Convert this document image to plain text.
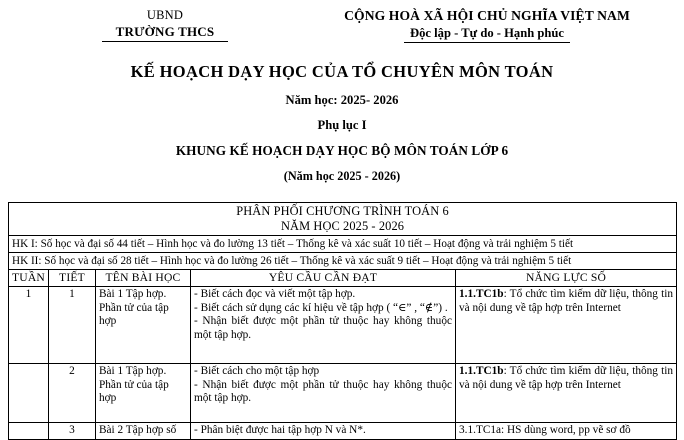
UBND
TRƯỜNG THCS
CỘNG HOÀ XÃ HỘI CHỦ NGHĨA VIỆT NAM
Độc lập - Tự do - Hạnh phúc
KẾ HOẠCH DẠY HỌC CỦA TỔ CHUYÊN MÔN TOÁN
Năm học: 2025- 2026
Phụ lục I
KHUNG KẾ HOẠCH DẠY HỌC BỘ MÔN TOÁN LỚP 6
(Năm học 2025 - 2026)
PHÂN PHỐI CHƯƠNG TRÌNH TOÁN 6
NĂM HỌC 2025 - 2026				

HK I: Số học và đại số 44 tiết – Hình học và đo lường 13 tiết – Thống kê và xác suất 10 tiết – Hoạt động và trải nghiệm 5 tiết				
HK II: Số học và đại số 28 tiết – Hình học và đo lường 26 tiết – Thống kê và xác suất 9 tiết – Hoạt động và trải nghiệm 5 tiết				
TUẦN	TIẾT	TÊN BÀI HỌC	YÊU CẦU CẦN ĐẠT	NĂNG LỰC SỐ
1	1	Bài 1 Tập hợp. Phần tử của tập hợp	- Biết cách đọc và viết một tập hợp.
- Biết cách sử dụng các kí hiệu về tập hợp ( “∈” , “∉”) .
- Nhận biết được một phần tử thuộc hay không thuộc một tập hợp.	1.1.TC1b: Tổ chức tìm kiếm dữ liệu, thông tin và nội dung về tập hợp trên Internet
	2	Bài 1 Tập hợp. Phần tử của tập hợp	- Biết cách cho một tập hợp
- Nhận biết được một phần tử thuộc hay không thuộc một tập hợp.	1.1.TC1b: Tổ chức tìm kiếm dữ liệu, thông tin và nội dung về tập hợp trên Internet
	3	Bài 2 Tập hợp số	- Phân biệt được hai tập hợp N và N*.	3.1.TC1a: HS dùng word, pp vẽ sơ đồ
